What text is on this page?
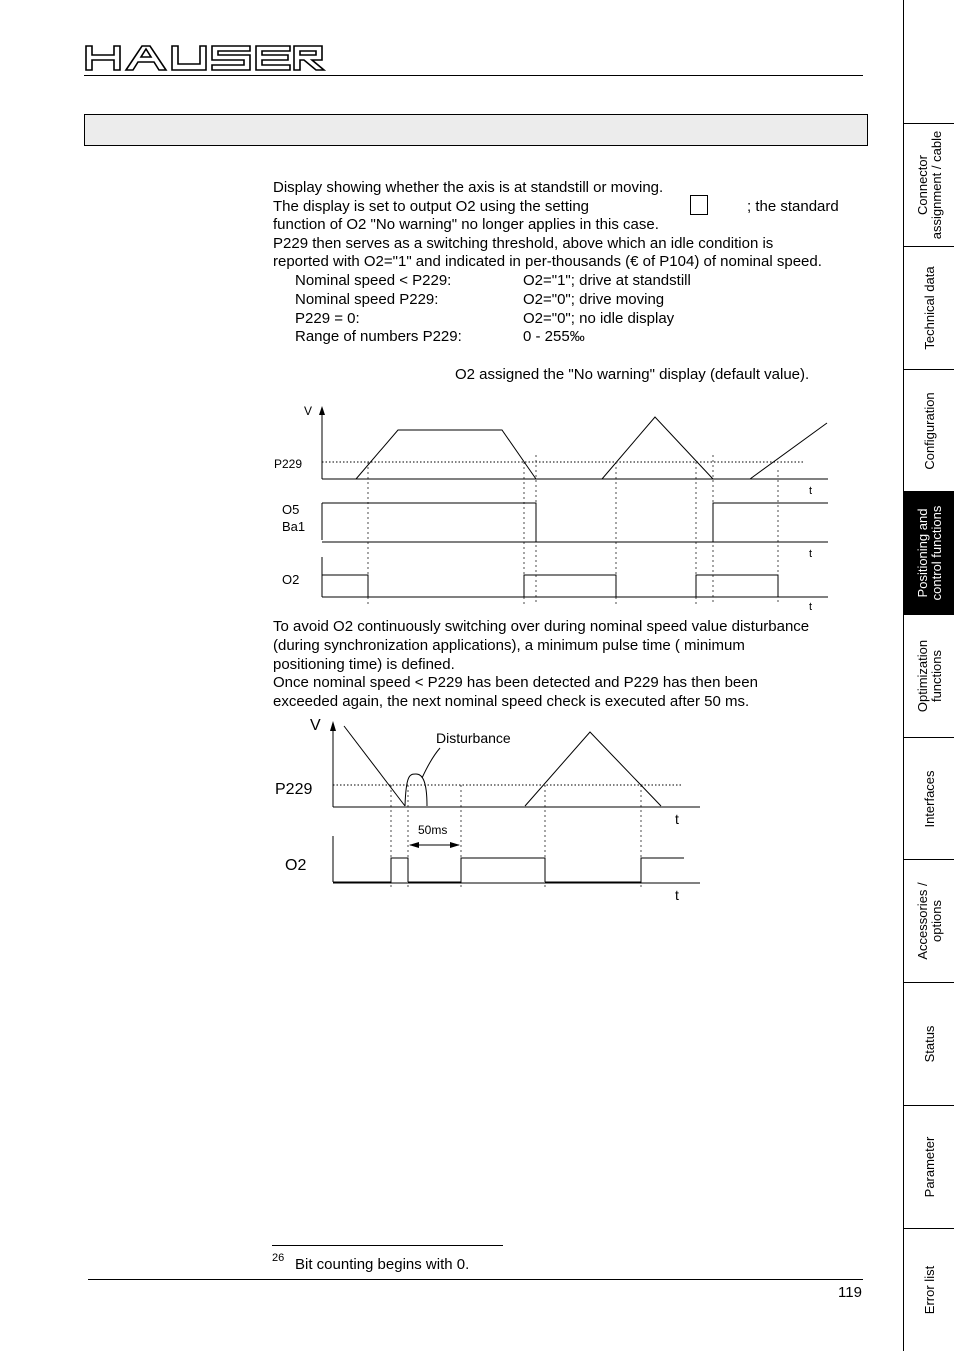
Display showing whether the axis is at standstill or moving.
The display is set to output O2 using the setting	; the standard
function of O2 "No warning" no longer applies in this case.
P229 then serves as a switching threshold, above which an idle condition is
reported with O2="1" and indicated in per-thousands (€ of P104) of nominal speed.
Nominal speed < P229:	O2="1"; drive at standstill
Nominal speed P229:	O2="0"; drive moving
P229 = 0:	O2="0"; no idle display
Range of numbers P229:	0 - 255‰
O2 assigned the "No warning" display (default value).
V
P229
O5
Ba1
O2
t
t
t
To avoid O2 continuously switching over during nominal speed value disturbance
(during synchronization applications), a minimum pulse time ( minimum
positioning time) is defined.
Once nominal speed < P229 has been detected and P229 has then been
exceeded again, the next nominal speed check is executed after 50 ms.
V
P229
Disturbance
50ms
O2
t
t
26 Bit counting begins with 0.
119
Connector
assignment / cable
Technical data
Configuration
Positioning and
control functions
Optimization
functions
Interfaces
Accessories /
options
Status
Parameter
Error list
